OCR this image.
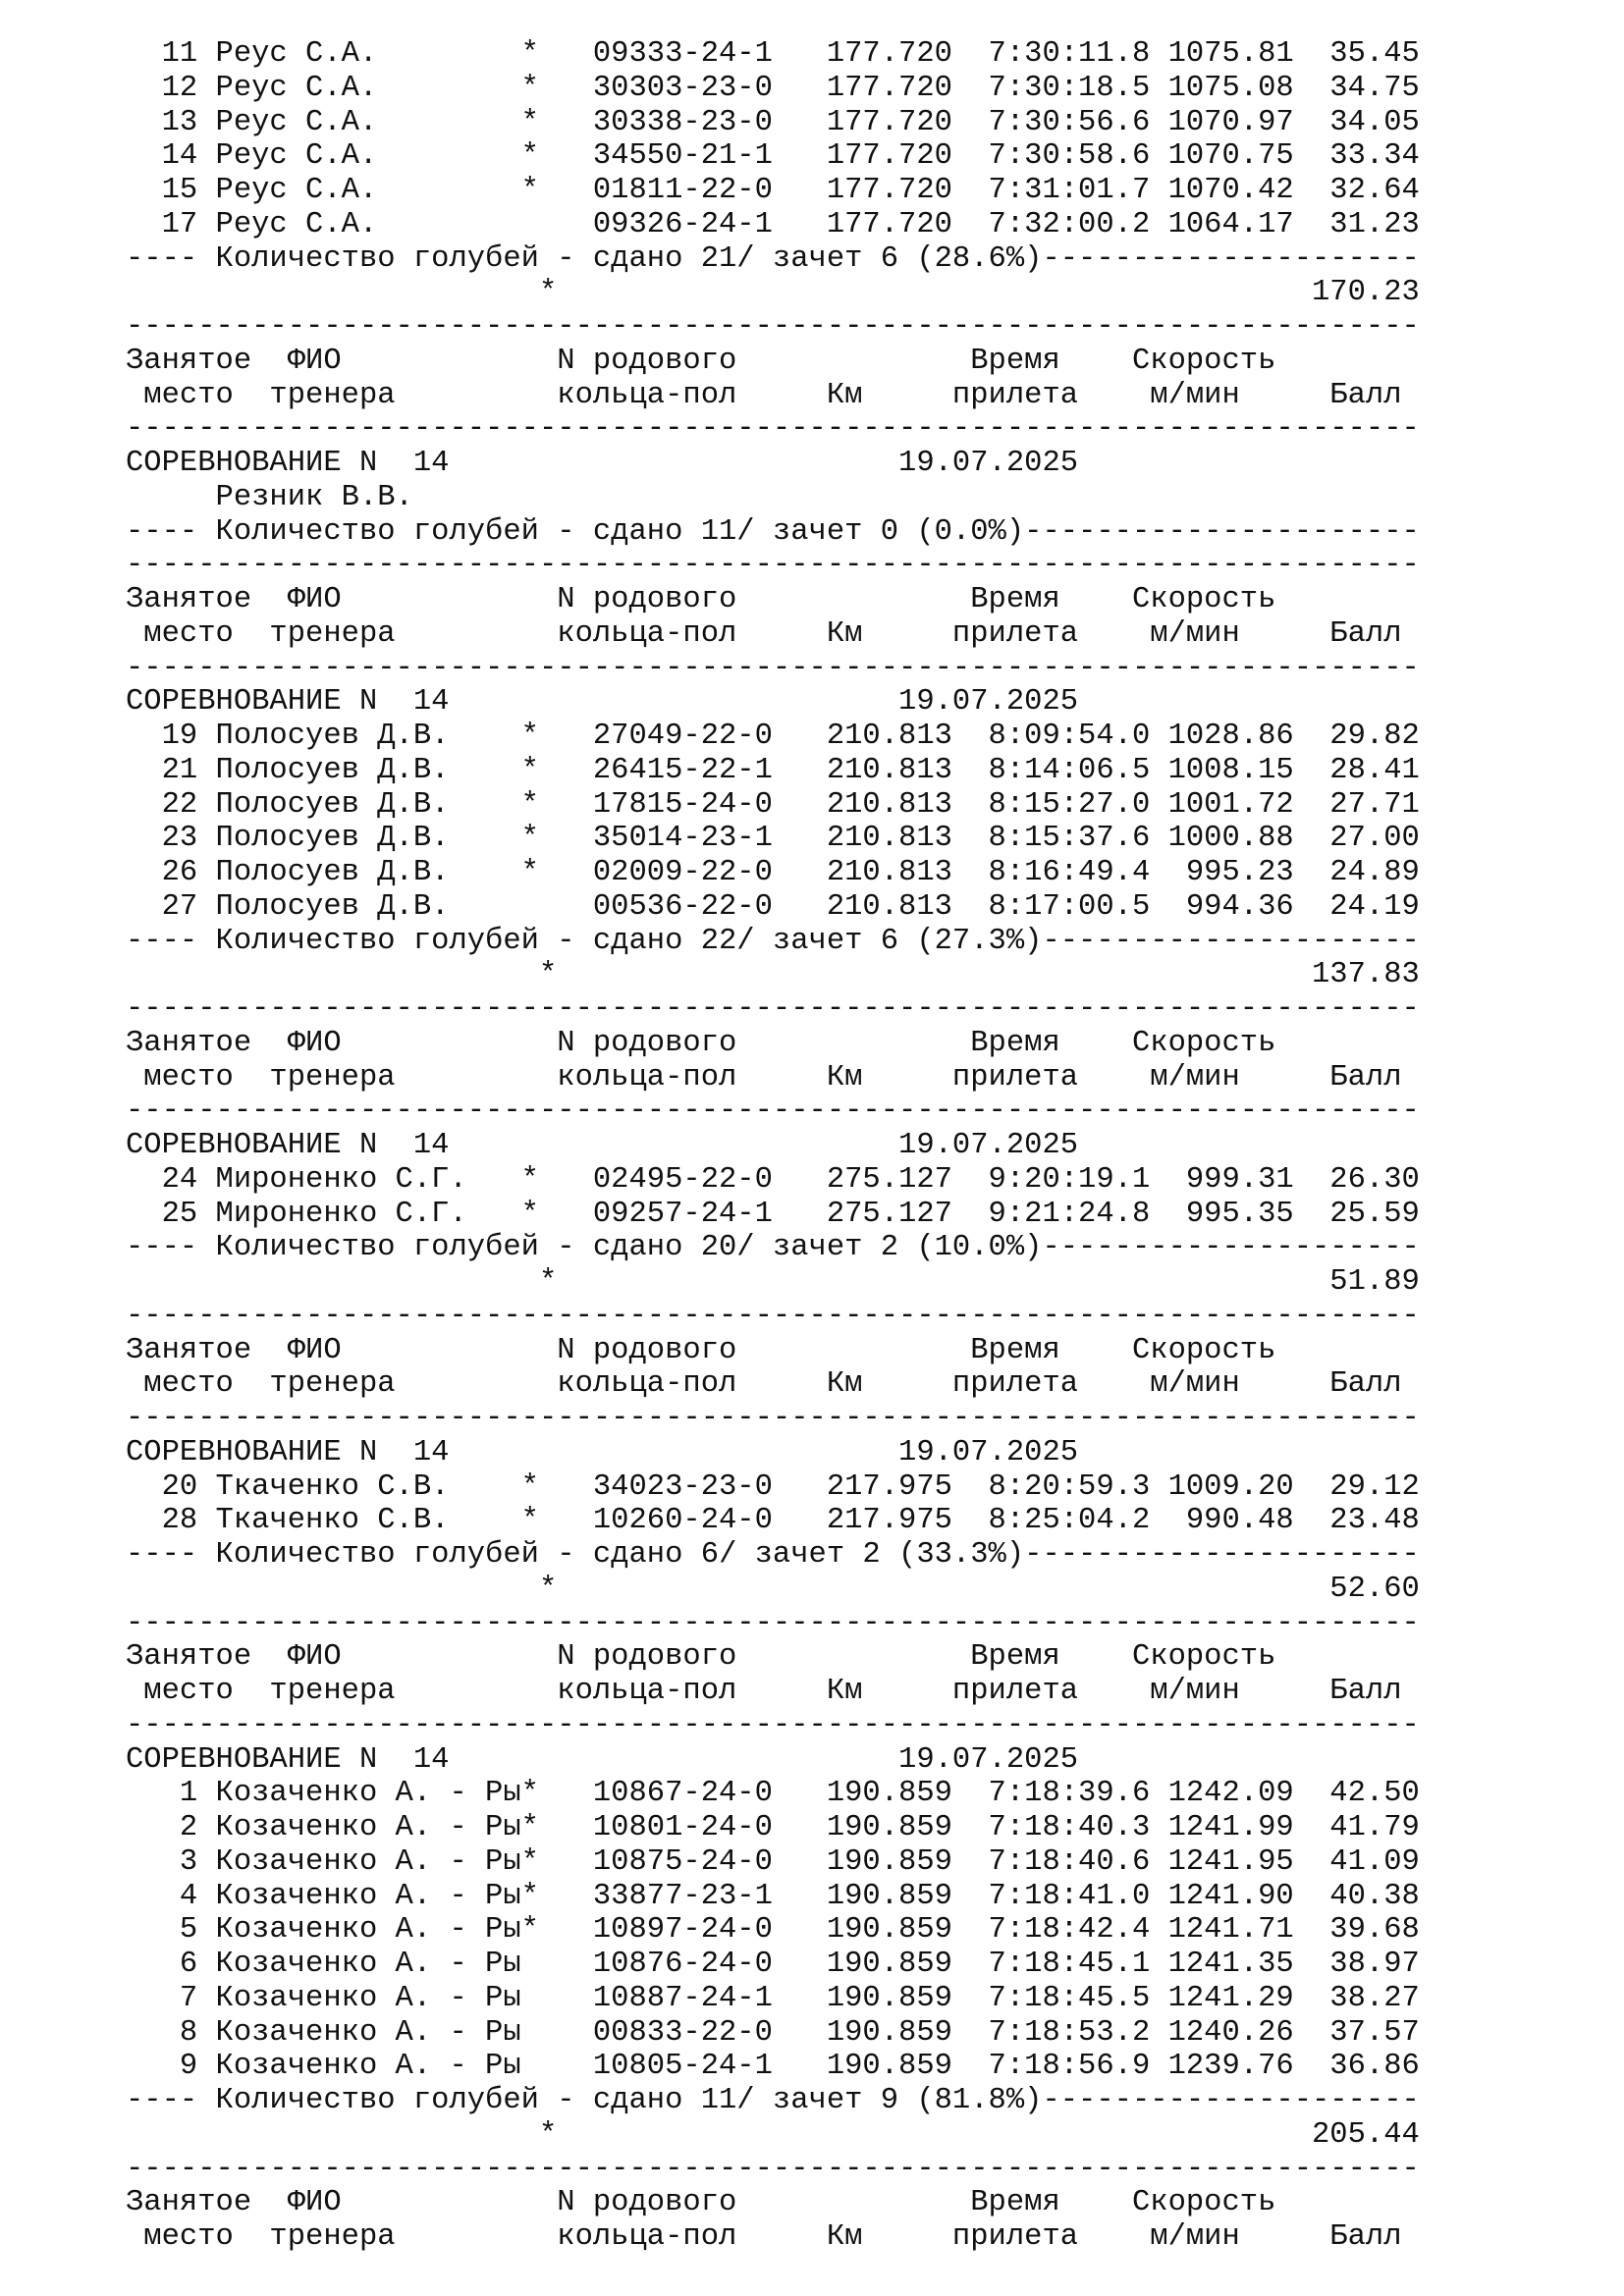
11 Реус С.А.        *   09333-24-1   177.720  7:30:11.8 1075.81  35.45
12 Реус С.А.        *   30303-23-0   177.720  7:30:18.5 1075.08  34.75
13 Реус С.А.        *   30338-23-0   177.720  7:30:56.6 1070.97  34.05
14 Реус С.А.        *   34550-21-1   177.720  7:30:58.6 1070.75  33.34
15 Реус С.А.        *   01811-22-0   177.720  7:31:01.7 1070.42  32.64
17 Реус С.А.            09326-24-1   177.720  7:32:00.2 1064.17  31.23
---- Количество голубей - сдано 21/ зачет 6 (28.6%)---------------------
*                                          170.23
------------------------------------------------------------------------
Занятое  ФИО            N родового             Время    Скорость
место  тренера         кольца-пол     Км     прилета    м/мин     Балл
------------------------------------------------------------------------
СОРЕВНОВАНИЕ N  14                         19.07.2025
Резник В.В.
---- Количество голубей - сдано 11/ зачет 0 (0.0%)----------------------
------------------------------------------------------------------------
Занятое  ФИО            N родового             Время    Скорость
место  тренера         кольца-пол     Км     прилета    м/мин     Балл
------------------------------------------------------------------------
СОРЕВНОВАНИЕ N  14                         19.07.2025
19 Полосуев Д.В.    *   27049-22-0   210.813  8:09:54.0 1028.86  29.82
21 Полосуев Д.В.    *   26415-22-1   210.813  8:14:06.5 1008.15  28.41
22 Полосуев Д.В.    *   17815-24-0   210.813  8:15:27.0 1001.72  27.71
23 Полосуев Д.В.    *   35014-23-1   210.813  8:15:37.6 1000.88  27.00
26 Полосуев Д.В.    *   02009-22-0   210.813  8:16:49.4  995.23  24.89
27 Полосуев Д.В.        00536-22-0   210.813  8:17:00.5  994.36  24.19
---- Количество голубей - сдано 22/ зачет 6 (27.3%)---------------------
*                                          137.83
------------------------------------------------------------------------
Занятое  ФИО            N родового             Время    Скорость
место  тренера         кольца-пол     Км     прилета    м/мин     Балл
------------------------------------------------------------------------
СОРЕВНОВАНИЕ N  14                         19.07.2025
24 Мироненко С.Г.   *   02495-22-0   275.127  9:20:19.1  999.31  26.30
25 Мироненко С.Г.   *   09257-24-1   275.127  9:21:24.8  995.35  25.59
---- Количество голубей - сдано 20/ зачет 2 (10.0%)---------------------
*                                           51.89
------------------------------------------------------------------------
Занятое  ФИО            N родового             Время    Скорость
место  тренера         кольца-пол     Км     прилета    м/мин     Балл
------------------------------------------------------------------------
СОРЕВНОВАНИЕ N  14                         19.07.2025
20 Ткаченко С.В.    *   34023-23-0   217.975  8:20:59.3 1009.20  29.12
28 Ткаченко С.В.    *   10260-24-0   217.975  8:25:04.2  990.48  23.48
---- Количество голубей - сдано 6/ зачет 2 (33.3%)----------------------
*                                           52.60
------------------------------------------------------------------------
Занятое  ФИО            N родового             Время    Скорость
место  тренера         кольца-пол     Км     прилета    м/мин     Балл
------------------------------------------------------------------------
СОРЕВНОВАНИЕ N  14                         19.07.2025
1 Козаченко А. - Ры*   10867-24-0   190.859  7:18:39.6 1242.09  42.50
2 Козаченко А. - Ры*   10801-24-0   190.859  7:18:40.3 1241.99  41.79
3 Козаченко А. - Ры*   10875-24-0   190.859  7:18:40.6 1241.95  41.09
4 Козаченко А. - Ры*   33877-23-1   190.859  7:18:41.0 1241.90  40.38
5 Козаченко А. - Ры*   10897-24-0   190.859  7:18:42.4 1241.71  39.68
6 Козаченко А. - Ры    10876-24-0   190.859  7:18:45.1 1241.35  38.97
7 Козаченко А. - Ры    10887-24-1   190.859  7:18:45.5 1241.29  38.27
8 Козаченко А. - Ры    00833-22-0   190.859  7:18:53.2 1240.26  37.57
9 Козаченко А. - Ры    10805-24-1   190.859  7:18:56.9 1239.76  36.86
---- Количество голубей - сдано 11/ зачет 9 (81.8%)---------------------
*                                          205.44
------------------------------------------------------------------------
Занятое  ФИО            N родового             Время    Скорость
место  тренера         кольца-пол     Км     прилета    м/мин     Балл
